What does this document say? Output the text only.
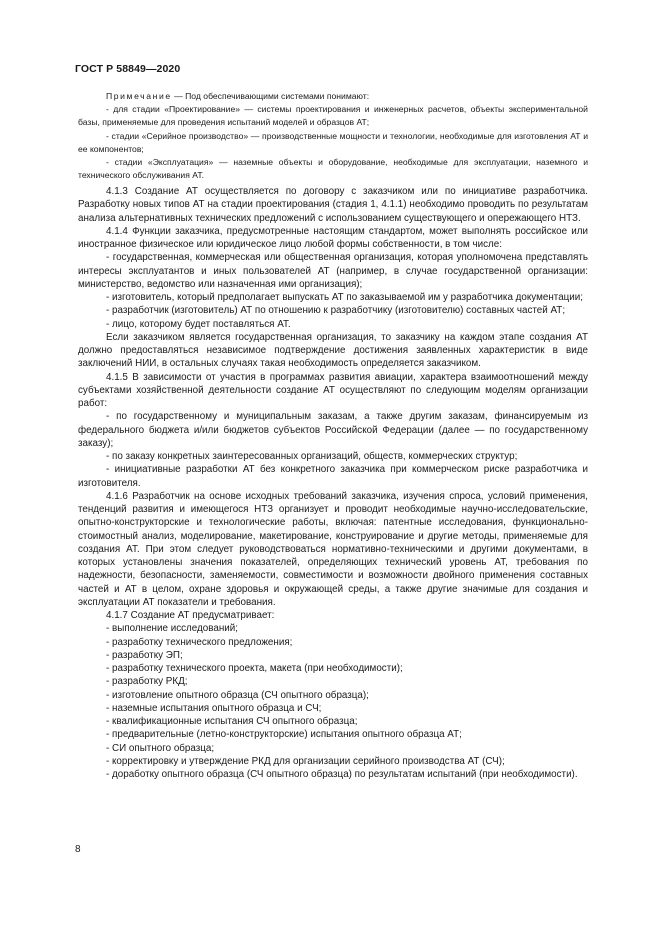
ГОСТ Р 58849—2020

Примечание — Под обеспечивающими системами понимают:

- для стадии «Проектирование» — системы проектирования и инженерных расчетов, объекты экспериментальной базы, применяемые для проведения испытаний моделей и образцов АТ;

- стадии «Серийное производство» — производственные мощности и технологии, необходимые для изготовления АТ и ее компонентов;

- стадии «Эксплуатация» — наземные объекты и оборудование, необходимые для эксплуатации, наземного и технического обслуживания АТ.

4.1.3 Создание АТ осуществляется по договору с заказчиком или по инициативе разработчика. Разработку новых типов АТ на стадии проектирования (стадия 1, 4.1.1) необходимо проводить по результатам анализа альтернативных технических предложений с использованием существующего и опережающего НТЗ.

4.1.4 Функции заказчика, предусмотренные настоящим стандартом, может выполнять российское или иностранное физическое или юридическое лицо любой формы собственности, в том числе:

- государственная, коммерческая или общественная организация, которая уполномочена представлять интересы эксплуатантов и иных пользователей АТ (например, в случае государственной организации: министерство, ведомство или назначенная ими организация);

- изготовитель, который предполагает выпускать АТ по заказываемой им у разработчика документации;

- разработчик (изготовитель) АТ по отношению к разработчику (изготовителю) составных частей АТ;

- лицо, которому будет поставляться АТ.

Если заказчиком является государственная организация, то заказчику на каждом этапе создания АТ должно предоставляться независимое подтверждение достижения заявленных характеристик в виде заключений НИИ, в остальных случаях такая необходимость определяется заказчиком.

4.1.5 В зависимости от участия в программах развития авиации, характера взаимоотношений между субъектами хозяйственной деятельности создание АТ осуществляют по следующим моделям организации работ:

- по государственному и муниципальным заказам, а также другим заказам, финансируемым из федерального бюджета и/или бюджетов субъектов Российской Федерации (далее — по государственному заказу);

- по заказу конкретных заинтересованных организаций, обществ, коммерческих структур;

- инициативные разработки АТ без конкретного заказчика при коммерческом риске разработчика и изготовителя.

4.1.6 Разработчик на основе исходных требований заказчика, изучения спроса, условий применения, тенденций развития и имеющегося НТЗ организует и проводит необходимые научно-исследовательские, опытно-конструкторские и технологические работы, включая: патентные исследования, функционально-стоимостный анализ, моделирование, макетирование, конструирование и другие методы, применяемые для создания АТ. При этом следует руководствоваться нормативно-техническими и другими документами, в которых установлены значения показателей, определяющих технический уровень АТ, требования по надежности, безопасности, заменяемости, совместимости и возможности двойного применения составных частей и АТ в целом, охране здоровья и окружающей среды, а также другие значимые для создания и эксплуатации АТ показатели и требования.

4.1.7 Создание АТ предусматривает:

- выполнение исследований;

- разработку технического предложения;

- разработку ЭП;

- разработку технического проекта, макета (при необходимости);

- разработку РКД;

- изготовление опытного образца (СЧ опытного образца);

- наземные испытания опытного образца и СЧ;

- квалификационные испытания СЧ опытного образца;

- предварительные (летно-конструкторские) испытания опытного образца АТ;

- СИ опытного образца;

- корректировку и утверждение РКД для организации серийного производства АТ (СЧ);

- доработку опытного образца (СЧ опытного образца) по результатам испытаний (при необходимости).

8
